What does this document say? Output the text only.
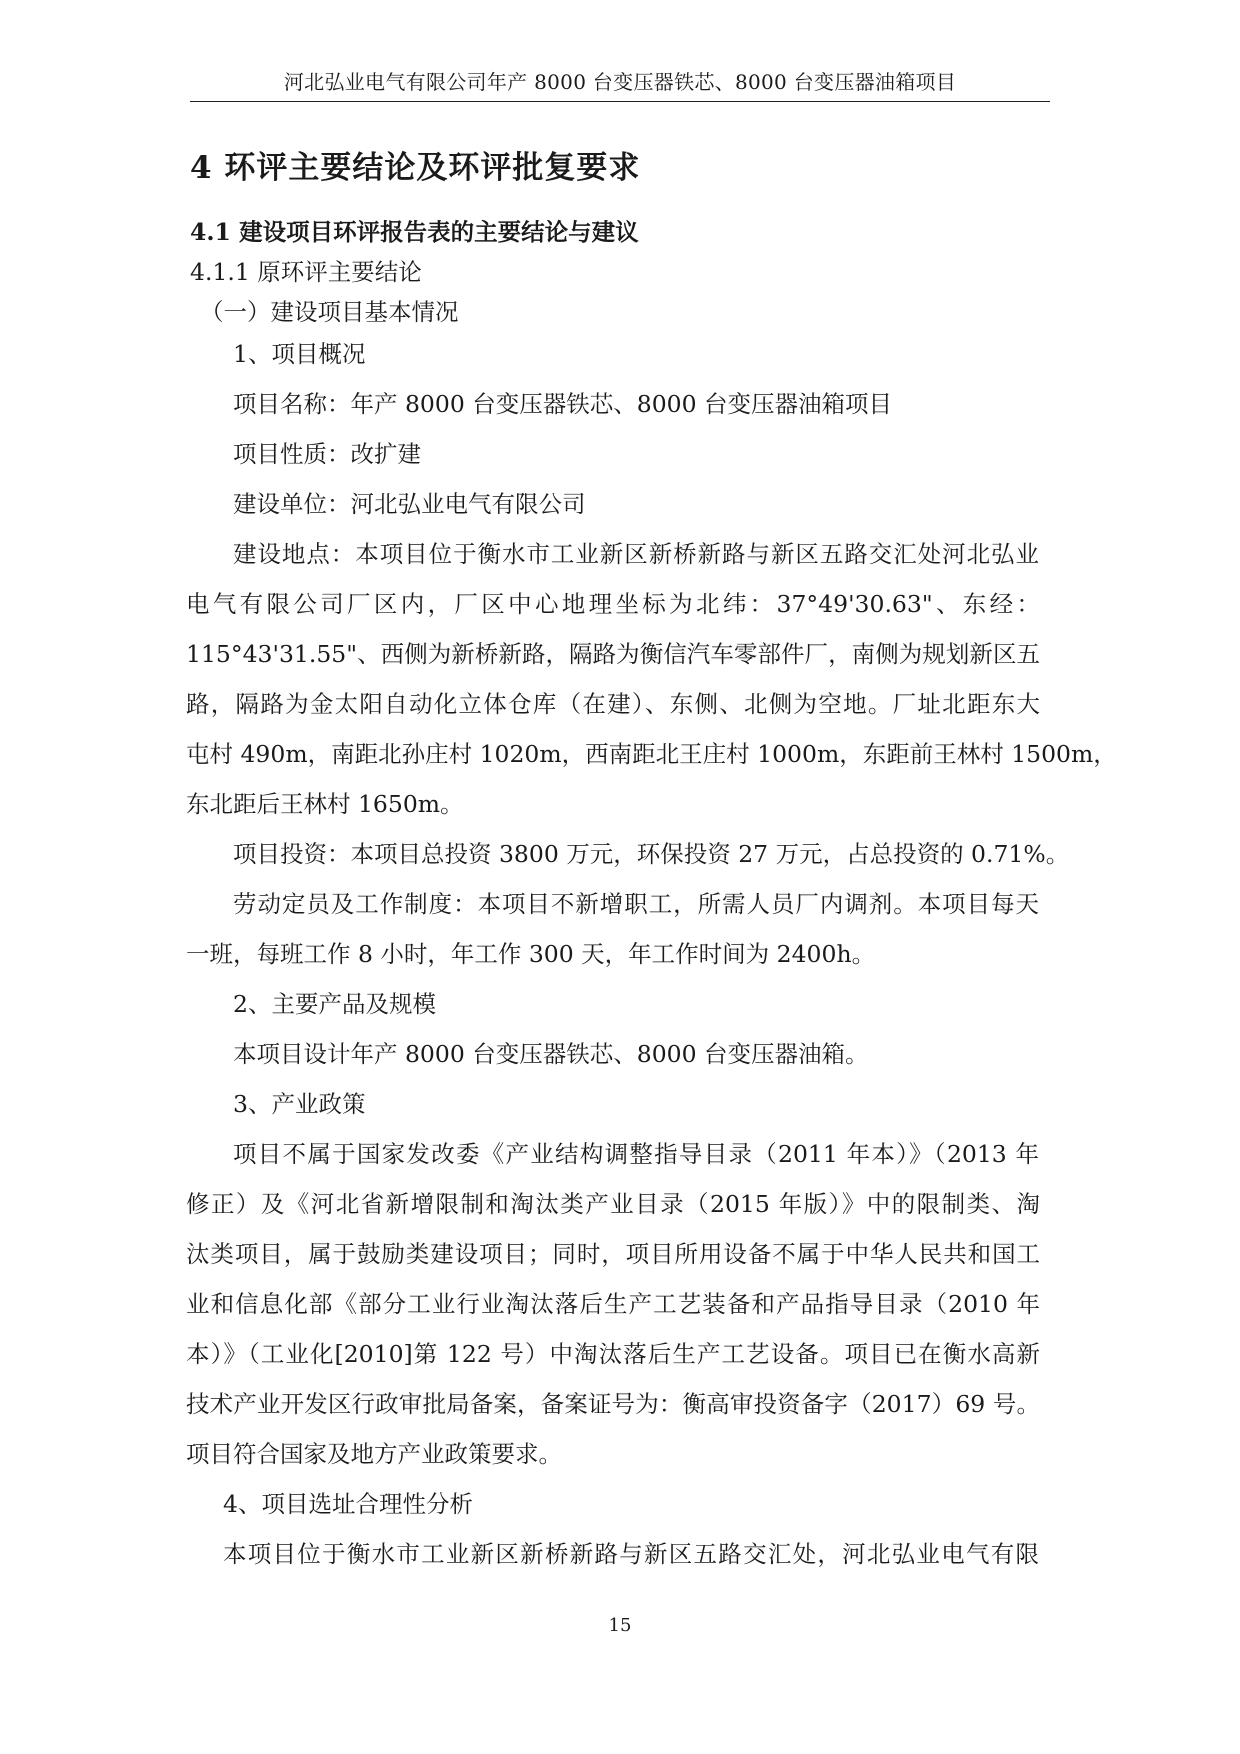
河北弘业电气有限公司年产 8000 台变压器铁芯、8000 台变压器油箱项目
4 环评主要结论及环评批复要求
4.1 建设项目环评报告表的主要结论与建议
4.1.1 原环评主要结论
（一）建设项目基本情况
1、项目概况
项目名称：年产 8000 台变压器铁芯、8000 台变压器油箱项目
项目性质：改扩建
建设单位：河北弘业电气有限公司
建设地点：本项目位于衡水市工业新区新桥新路与新区五路交汇处河北弘业
电气有限公司厂区内，厂区中心地理坐标为北纬：37°49'30.63"、东经：
115°43'31.55"、西侧为新桥新路，隔路为衡信汽车零部件厂，南侧为规划新区五
路，隔路为金太阳自动化立体仓库（在建）、东侧、北侧为空地。厂址北距东大
屯村 490m，南距北孙庄村 1020m，西南距北王庄村 1000m，东距前王林村 1500m，
东北距后王林村 1650m。
项目投资：本项目总投资 3800 万元，环保投资 27 万元，占总投资的 0.71%。
劳动定员及工作制度：本项目不新增职工，所需人员厂内调剂。本项目每天
一班，每班工作 8 小时，年工作 300 天，年工作时间为 2400h。
2、主要产品及规模
本项目设计年产 8000 台变压器铁芯、8000 台变压器油箱。
3、产业政策
项目不属于国家发改委《产业结构调整指导目录（2011 年本）》（2013 年
修正）及《河北省新增限制和淘汰类产业目录（2015 年版）》中的限制类、淘
汰类项目，属于鼓励类建设项目；同时，项目所用设备不属于中华人民共和国工
业和信息化部《部分工业行业淘汰落后生产工艺装备和产品指导目录（2010 年
本）》（工业化[2010]第 122 号）中淘汰落后生产工艺设备。项目已在衡水高新
技术产业开发区行政审批局备案，备案证号为：衡高审投资备字（2017）69 号。
项目符合国家及地方产业政策要求。
4、项目选址合理性分析
本项目位于衡水市工业新区新桥新路与新区五路交汇处，河北弘业电气有限
15
